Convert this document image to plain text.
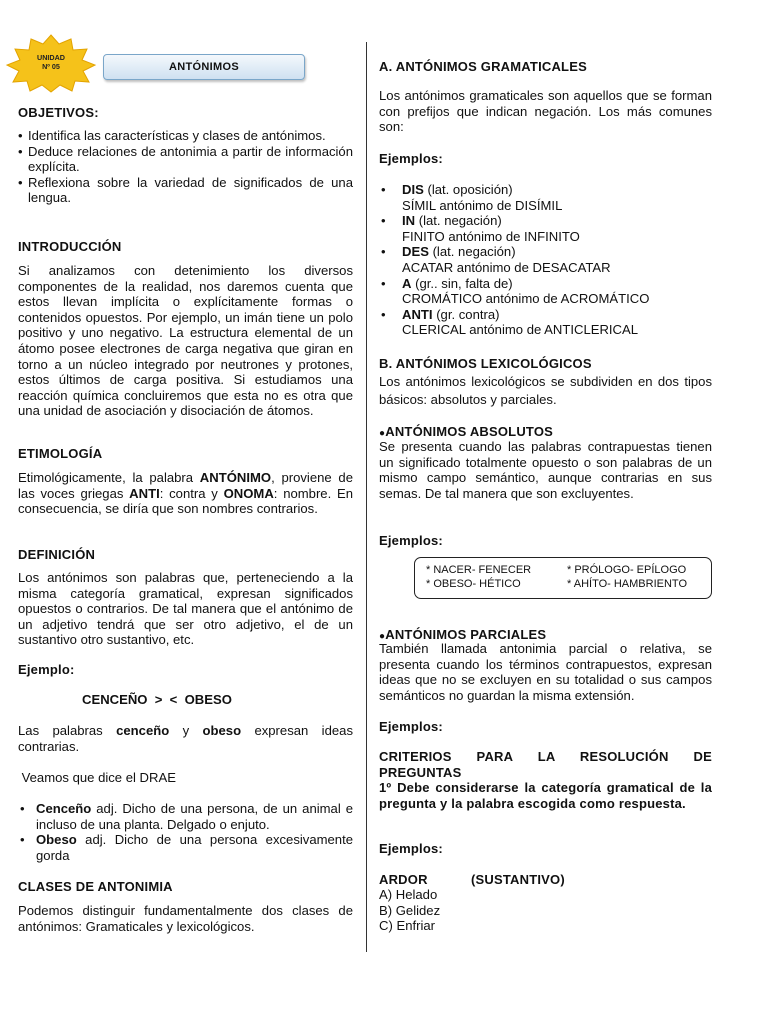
UNIDAD
Nº 05	ANTÓNIMOS
OBJETIVOS:
• Identifica las características y clases de antónimos.
• Deduce relaciones de antonimia a partir de información explícita.
• Reflexiona sobre la variedad de significados de una lengua.
INTRODUCCIÓN

Si analizamos con detenimiento los diversos componentes de la realidad, nos daremos cuenta que estos llevan implícita o explícitamente formas o contenidos opuestos. Por ejemplo, un imán tiene un polo positivo y uno negativo. La estructura elemental de un átomo posee electrones de carga negativa que giran en torno a un núcleo integrado por neutrones y protones, estos últimos de carga positiva. Si estudiamos una reacción química concluiremos que esta no es otra que una unidad de asociación y disociación de átomos.

ETIMOLOGÍA

Etimológicamente, la palabra ANTÓNIMO, proviene de las voces griegas ANTI: contra y ONOMA: nombre. En consecuencia, se diría que son nombres contrarios.

DEFINICIÓN

Los antónimos son palabras que, perteneciendo a la misma categoría gramatical, expresan significados opuestos o contrarios. De tal manera que el antónimo de un adjetivo tendrá que ser otro adjetivo, el de un sustantivo otro sustantivo, etc.

Ejemplo:
CENCEÑO  >  <  OBESO

Las palabras cenceño y obeso expresan ideas contrarias.

Veamos que dice el DRAE

• Cenceño adj. Dicho de una persona, de un animal e incluso de una planta. Delgado o enjuto.
• Obeso adj. Dicho de una persona excesivamente gorda
CLASES DE ANTONIMIA

Podemos distinguir fundamentalmente dos clases de antónimos: Gramaticales y lexicológicos.

A. ANTÓNIMOS GRAMATICALES

Los antónimos gramaticales son aquellos que se forman con prefijos que indican negación. Los más comunes son:

Ejemplos:
• DIS (lat. oposición)
SÍMIL antónimo de DISÍMIL
• IN (lat. negación)
FINITO antónimo de INFINITO
• DES (lat. negación)
ACATAR antónimo de DESACATAR
• A (gr.. sin, falta de)
CROMÁTICO antónimo de ACROMÁTICO
• ANTI (gr. contra)
CLERICAL antónimo de ANTICLERICAL
B. ANTÓNIMOS LEXICOLÓGICOS

Los antónimos lexicológicos se subdividen en dos tipos básicos: absolutos y parciales.

●ANTÓNIMOS ABSOLUTOS

Se presenta cuando las palabras contrapuestas tienen un significado totalmente opuesto o son palabras de un mismo campo semántico, aunque contrarias en sus semas. De tal manera que son excluyentes.

Ejemplos:
●ANTÓNIMOS PARCIALES

También llamada antonimia parcial o relativa, se presenta cuando los términos contrapuestos, expresan ideas que no se excluyen en su totalidad o sus campos semánticos no guardan la misma extensión.

Ejemplos:
CRITERIOS PARA LA RESOLUCIÓN DE PREGUNTAS
1º Debe considerarse la categoría gramatical de la pregunta y la palabra escogida como respuesta.
Ejemplos:
ARDOR	(SUSTANTIVO)
A) Helado
B) Gelidez
C) Enfriar
* NACER- FENECER	* PRÓLOGO- EPÍLOGO
* OBESO- HÉTICO	* AHÍTO- HAMBRIENTO
